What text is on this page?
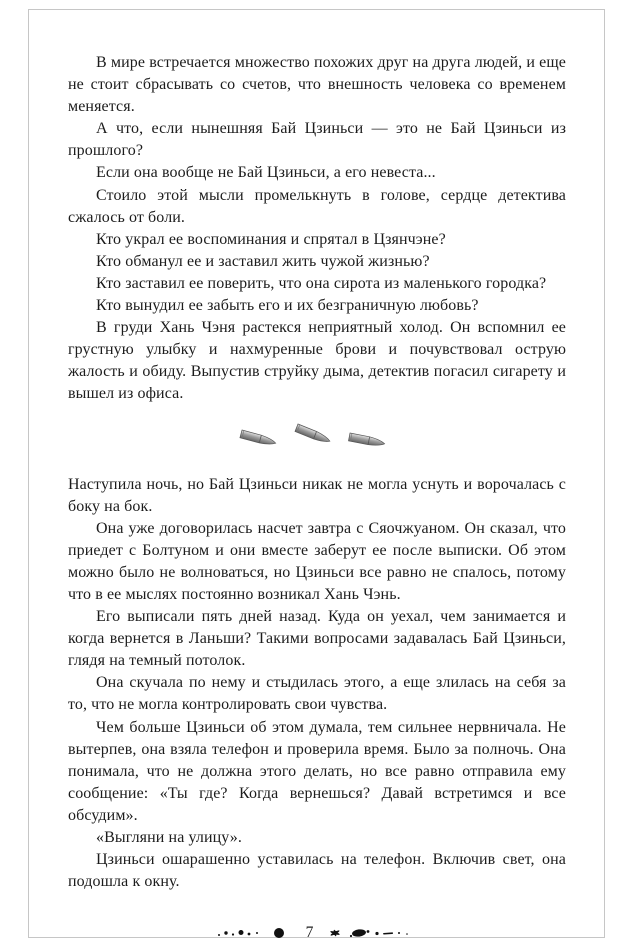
В мире встречается множество похожих друг на друга людей, и еще не стоит сбрасывать со счетов, что внешность человека со временем меняется.

А что, если нынешняя Бай Цзиньси — это не Бай Цзиньси из прошлого?

Если она вообще не Бай Цзиньси, а его невеста...

Стоило этой мысли промелькнуть в голове, сердце детектива сжалось от боли.

Кто украл ее воспоминания и спрятал в Цзянчэне?

Кто обманул ее и заставил жить чужой жизнью?

Кто заставил ее поверить, что она сирота из маленького городка?

Кто вынудил ее забыть его и их безграничную любовь?

В груди Хань Чэня растекся неприятный холод. Он вспомнил ее грустную улыбку и нахмуренные брови и почувствовал острую жалость и обиду. Выпустив струйку дыма, детектив погасил сигарету и вышел из офиса.

Наступила ночь, но Бай Цзиньси никак не могла уснуть и ворочалась с боку на бок.

Она уже договорилась насчет завтра с Сяочжуаном. Он сказал, что приедет с Болтуном и они вместе заберут ее после выписки. Об этом можно было не волноваться, но Цзиньси все равно не спалось, потому что в ее мыслях постоянно возникал Хань Чэнь.

Его выписали пять дней назад. Куда он уехал, чем занимается и когда вернется в Ланьши? Такими вопросами задавалась Бай Цзиньси, глядя на темный потолок.

Она скучала по нему и стыдилась этого, а еще злилась на себя за то, что не могла контролировать свои чувства.

Чем больше Цзиньси об этом думала, тем сильнее нервничала. Не вытерпев, она взяла телефон и проверила время. Было за полночь. Она понимала, что не должна этого делать, но все равно отправила ему сообщение: «Ты где? Когда вернешься? Давай встретимся и все обсудим».

«Выгляни на улицу».

Цзиньси ошарашенно уставилась на телефон. Включив свет, она подошла к окну.

7
